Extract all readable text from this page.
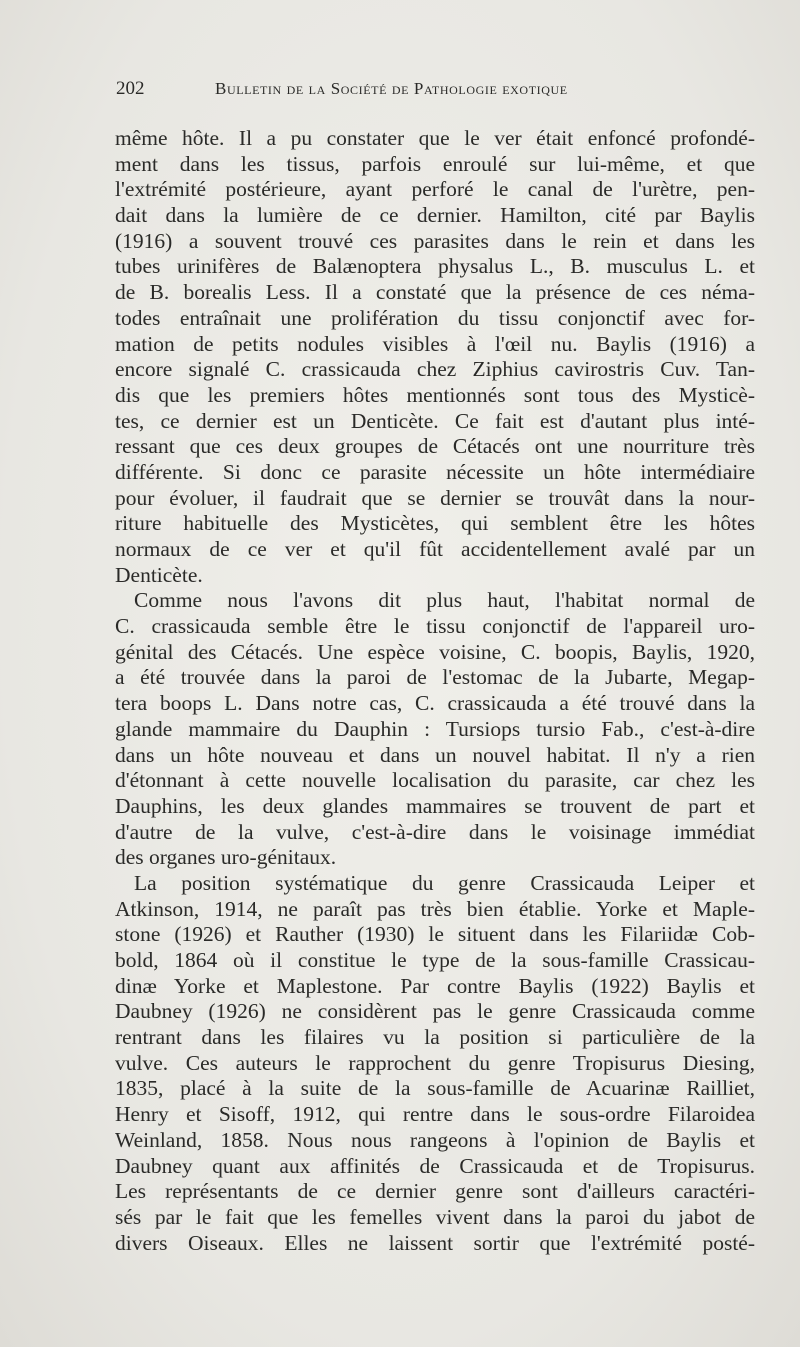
202	Bulletin de la Société de Pathologie exotique
même hôte. Il a pu constater que le ver était enfoncé profondé-
ment dans les tissus, parfois enroulé sur lui-même, et que
l'extrémité postérieure, ayant perforé le canal de l'urètre, pen-
dait dans la lumière de ce dernier. Hamilton, cité par Baylis
(1916) a souvent trouvé ces parasites dans le rein et dans les
tubes urinifères de Balænoptera physalus L., B. musculus L. et
de B. borealis Less. Il a constaté que la présence de ces néma-
todes entraînait une prolifération du tissu conjonctif avec for-
mation de petits nodules visibles à l'œil nu. Baylis (1916) a
encore signalé C. crassicauda chez Ziphius cavirostris Cuv. Tan-
dis que les premiers hôtes mentionnés sont tous des Mysticè-
tes, ce dernier est un Denticète. Ce fait est d'autant plus inté-
ressant que ces deux groupes de Cétacés ont une nourriture très
différente. Si donc ce parasite nécessite un hôte intermédiaire
pour évoluer, il faudrait que se dernier se trouvât dans la nour-
riture habituelle des Mysticètes, qui semblent être les hôtes
normaux de ce ver et qu'il fût accidentellement avalé par un
Denticète.
Comme nous l'avons dit plus haut, l'habitat normal de
C. crassicauda semble être le tissu conjonctif de l'appareil uro-
génital des Cétacés. Une espèce voisine, C. boopis, Baylis, 1920,
a été trouvée dans la paroi de l'estomac de la Jubarte, Megap-
tera boops L. Dans notre cas, C. crassicauda a été trouvé dans la
glande mammaire du Dauphin : Tursiops tursio Fab., c'est-à-dire
dans un hôte nouveau et dans un nouvel habitat. Il n'y a rien
d'étonnant à cette nouvelle localisation du parasite, car chez les
Dauphins, les deux glandes mammaires se trouvent de part et
d'autre de la vulve, c'est-à-dire dans le voisinage immédiat
des organes uro-génitaux.
La position systématique du genre Crassicauda Leiper et
Atkinson, 1914, ne paraît pas très bien établie. Yorke et Maple-
stone (1926) et Rauther (1930) le situent dans les Filariidæ Cob-
bold, 1864 où il constitue le type de la sous-famille Crassicau-
dinæ Yorke et Maplestone. Par contre Baylis (1922) Baylis et
Daubney (1926) ne considèrent pas le genre Crassicauda comme
rentrant dans les filaires vu la position si particulière de la
vulve. Ces auteurs le rapprochent du genre Tropisurus Diesing,
1835, placé à la suite de la sous-famille de Acuarinæ Railliet,
Henry et Sisoff, 1912, qui rentre dans le sous-ordre Filaroidea
Weinland, 1858. Nous nous rangeons à l'opinion de Baylis et
Daubney quant aux affinités de Crassicauda et de Tropisurus.
Les représentants de ce dernier genre sont d'ailleurs caractéri-
sés par le fait que les femelles vivent dans la paroi du jabot de
divers Oiseaux. Elles ne laissent sortir que l'extrémité posté-
